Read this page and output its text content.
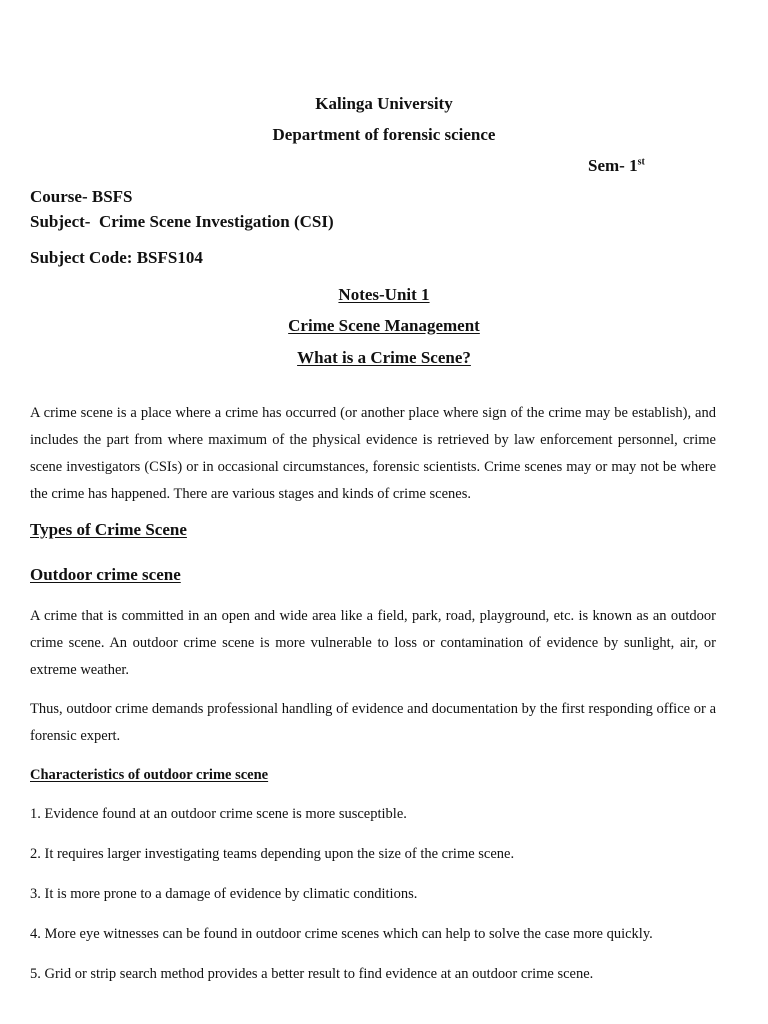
Kalinga University
Department of forensic science
Sem- 1st
Course- BSFS
Subject-  Crime Scene Investigation (CSI)
Subject Code: BSFS104
Notes-Unit 1
Crime Scene Management
What is a Crime Scene?
A crime scene is a place where a crime has occurred (or another place where sign of the crime may be establish), and includes the part from where maximum of the physical evidence is retrieved by law enforcement personnel, crime scene investigators (CSIs) or in occasional circumstances, forensic scientists. Crime scenes may or may not be where the crime has happened. There are various stages and kinds of crime scenes.
Types of Crime Scene
Outdoor crime scene
A crime that is committed in an open and wide area like a field, park, road, playground, etc. is known as an outdoor crime scene. An outdoor crime scene is more vulnerable to loss or contamination of evidence by sunlight, air, or extreme weather.
Thus, outdoor crime demands professional handling of evidence and documentation by the first responding office or a forensic expert.
Characteristics of outdoor crime scene
1. Evidence found at an outdoor crime scene is more susceptible.
2. It requires larger investigating teams depending upon the size of the crime scene.
3. It is more prone to a damage of evidence by climatic conditions.
4. More eye witnesses can be found in outdoor crime scenes which can help to solve the case more quickly.
5. Grid or strip search method provides a better result to find evidence at an outdoor crime scene.
